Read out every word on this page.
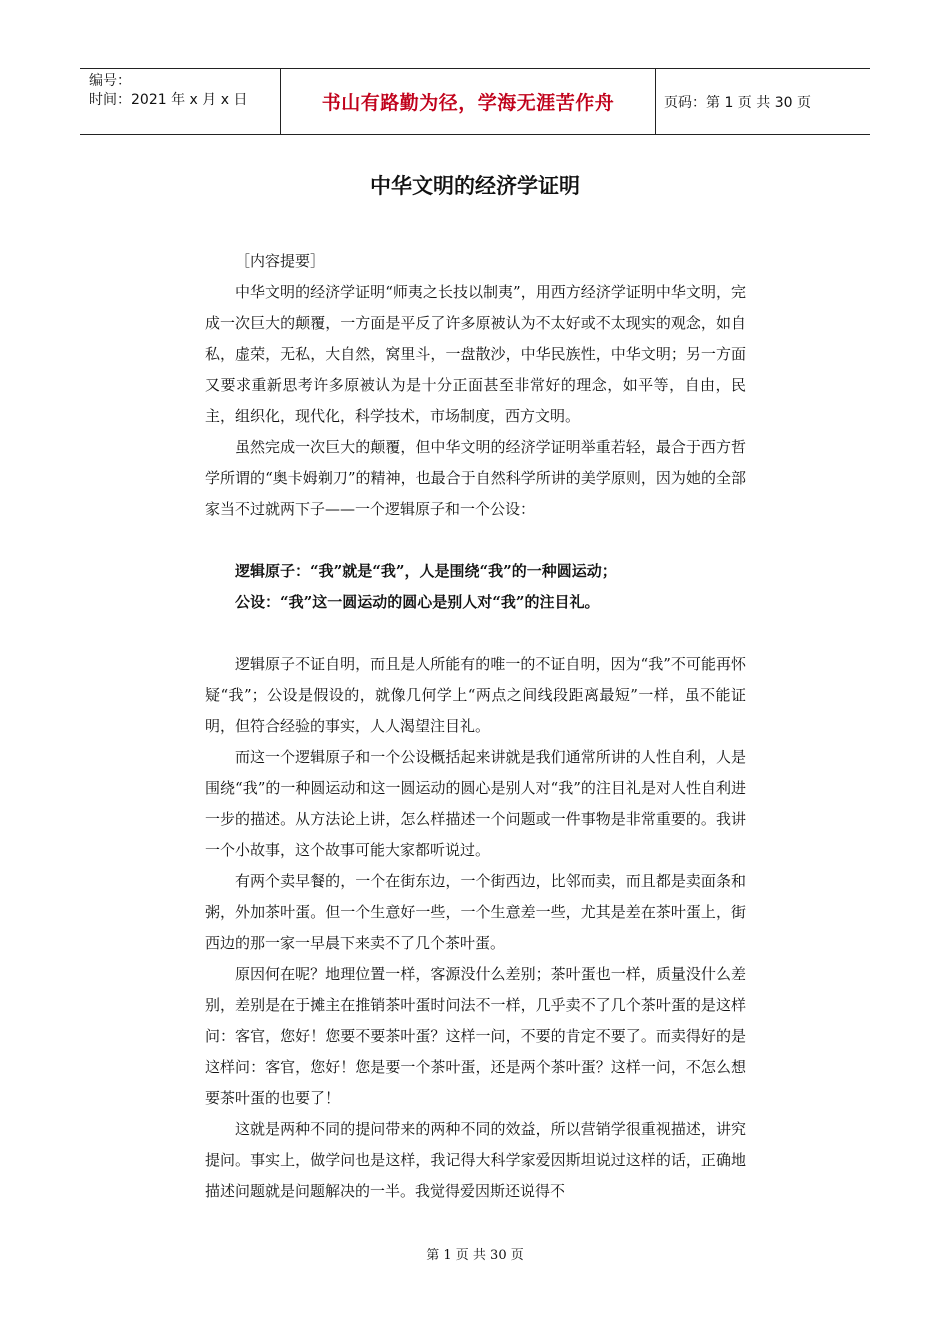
编号：
时间：2021 年 x 月 x 日	书山有路勤为径，学海无涯苦作舟	页码：第 1 页 共 30 页
中华文明的经济学证明
［内容提要］

中华文明的经济学证明“师夷之长技以制夷”，用西方经济学证明中华文明，完成一次巨大的颠覆，一方面是平反了许多原被认为不太好或不太现实的观念，如自私，虚荣，无私，大自然，窝里斗，一盘散沙，中华民族性，中华文明；另一方面又要求重新思考许多原被认为是十分正面甚至非常好的理念，如平等，自由，民主，组织化，现代化，科学技术，市场制度，西方文明。

虽然完成一次巨大的颠覆，但中华文明的经济学证明举重若轻，最合于西方哲学所谓的“奥卡姆剃刀”的精神，也最合于自然科学所讲的美学原则，因为她的全部家当不过就两下子——一个逻辑原子和一个公设：

逻辑原子：“我”就是“我”，人是围绕“我”的一种圆运动；
公设：“我”这一圆运动的圆心是别人对“我”的注目礼。

逻辑原子不证自明，而且是人所能有的唯一的不证自明，因为“我”不可能再怀疑“我”；公设是假设的，就像几何学上“两点之间线段距离最短”一样，虽不能证明，但符合经验的事实，人人渴望注目礼。

而这一个逻辑原子和一个公设概括起来讲就是我们通常所讲的人性自利，人是围绕“我”的一种圆运动和这一圆运动的圆心是别人对“我”的注目礼是对人性自利进一步的描述。从方法论上讲，怎么样描述一个问题或一件事物是非常重要的。我讲一个小故事，这个故事可能大家都听说过。

有两个卖早餐的，一个在街东边，一个街西边，比邻而卖，而且都是卖面条和粥，外加茶叶蛋。但一个生意好一些，一个生意差一些，尤其是差在茶叶蛋上，街西边的那一家一早晨下来卖不了几个茶叶蛋。

原因何在呢？地理位置一样，客源没什么差别；茶叶蛋也一样，质量没什么差别，差别是在于摊主在推销茶叶蛋时问法不一样，几乎卖不了几个茶叶蛋的是这样问：客官，您好！您要不要茶叶蛋？这样一问，不要的肯定不要了。而卖得好的是这样问：客官，您好！您是要一个茶叶蛋，还是两个茶叶蛋？这样一问，不怎么想要茶叶蛋的也要了！

这就是两种不同的提问带来的两种不同的效益，所以营销学很重视描述，讲究提问。事实上，做学问也是这样，我记得大科学家爱因斯坦说过这样的话，正确地描述问题就是问题解决的一半。我觉得爱因斯还说得不

第 1 页 共 30 页
